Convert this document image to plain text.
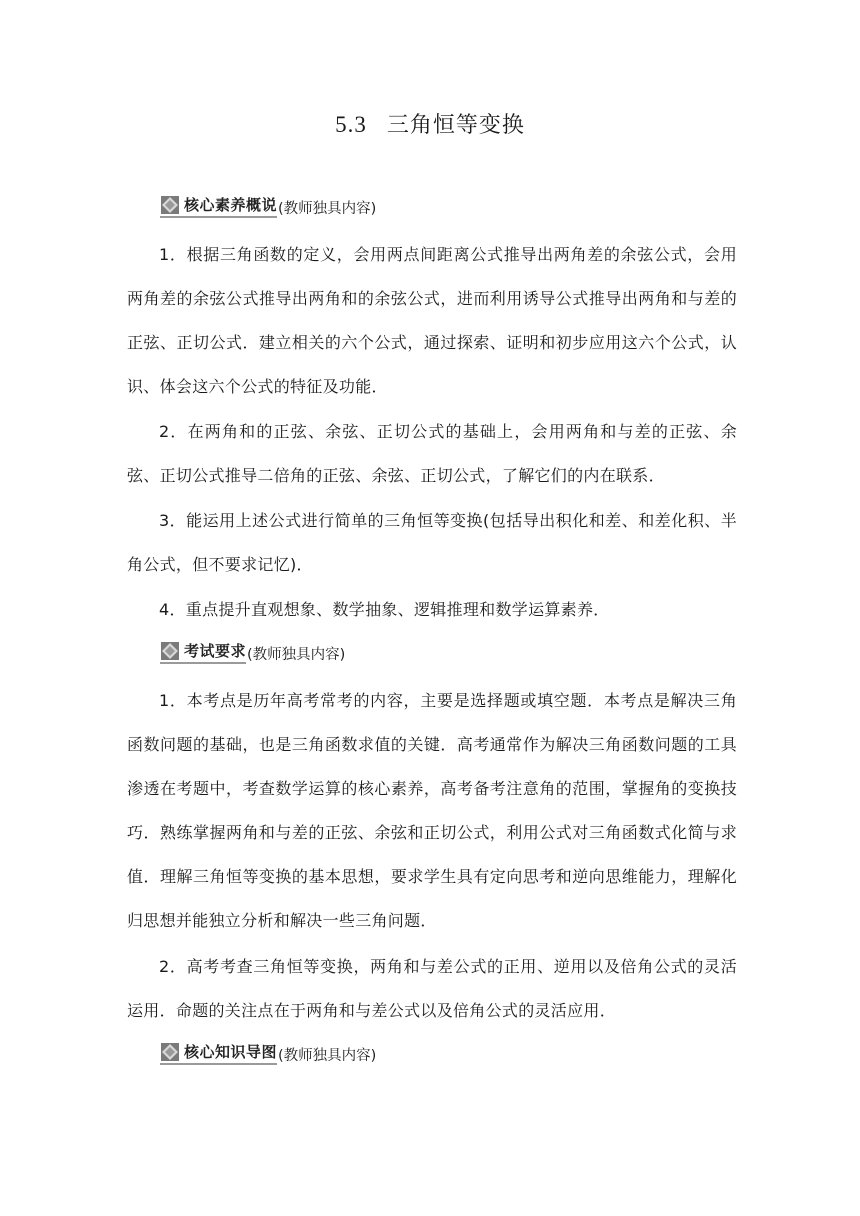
5.3 三角恒等变换
核心素养概说 (教师独具内容)

1．根据三角函数的定义，会用两点间距离公式推导出两角差的余弦公式，会用两角差的余弦公式推导出两角和的余弦公式，进而利用诱导公式推导出两角和与差的正弦、正切公式．建立相关的六个公式，通过探索、证明和初步应用这六个公式，认识、体会这六个公式的特征及功能．

2．在两角和的正弦、余弦、正切公式的基础上，会用两角和与差的正弦、余弦、正切公式推导二倍角的正弦、余弦、正切公式，了解它们的内在联系．

3．能运用上述公式进行简单的三角恒等变换(包括导出积化和差、和差化积、半角公式，但不要求记忆)．

4．重点提升直观想象、数学抽象、逻辑推理和数学运算素养．

考试要求 (教师独具内容)

1．本考点是历年高考常考的内容，主要是选择题或填空题．本考点是解决三角函数问题的基础，也是三角函数求值的关键．高考通常作为解决三角函数问题的工具渗透在考题中，考查数学运算的核心素养，高考备考注意角的范围，掌握角的变换技巧．熟练掌握两角和与差的正弦、余弦和正切公式，利用公式对三角函数式化简与求值．理解三角恒等变换的基本思想，要求学生具有定向思考和逆向思维能力，理解化归思想并能独立分析和解决一些三角问题．

2．高考考查三角恒等变换，两角和与差公式的正用、逆用以及倍角公式的灵活运用．命题的关注点在于两角和与差公式以及倍角公式的灵活应用．

核心知识导图 (教师独具内容)
